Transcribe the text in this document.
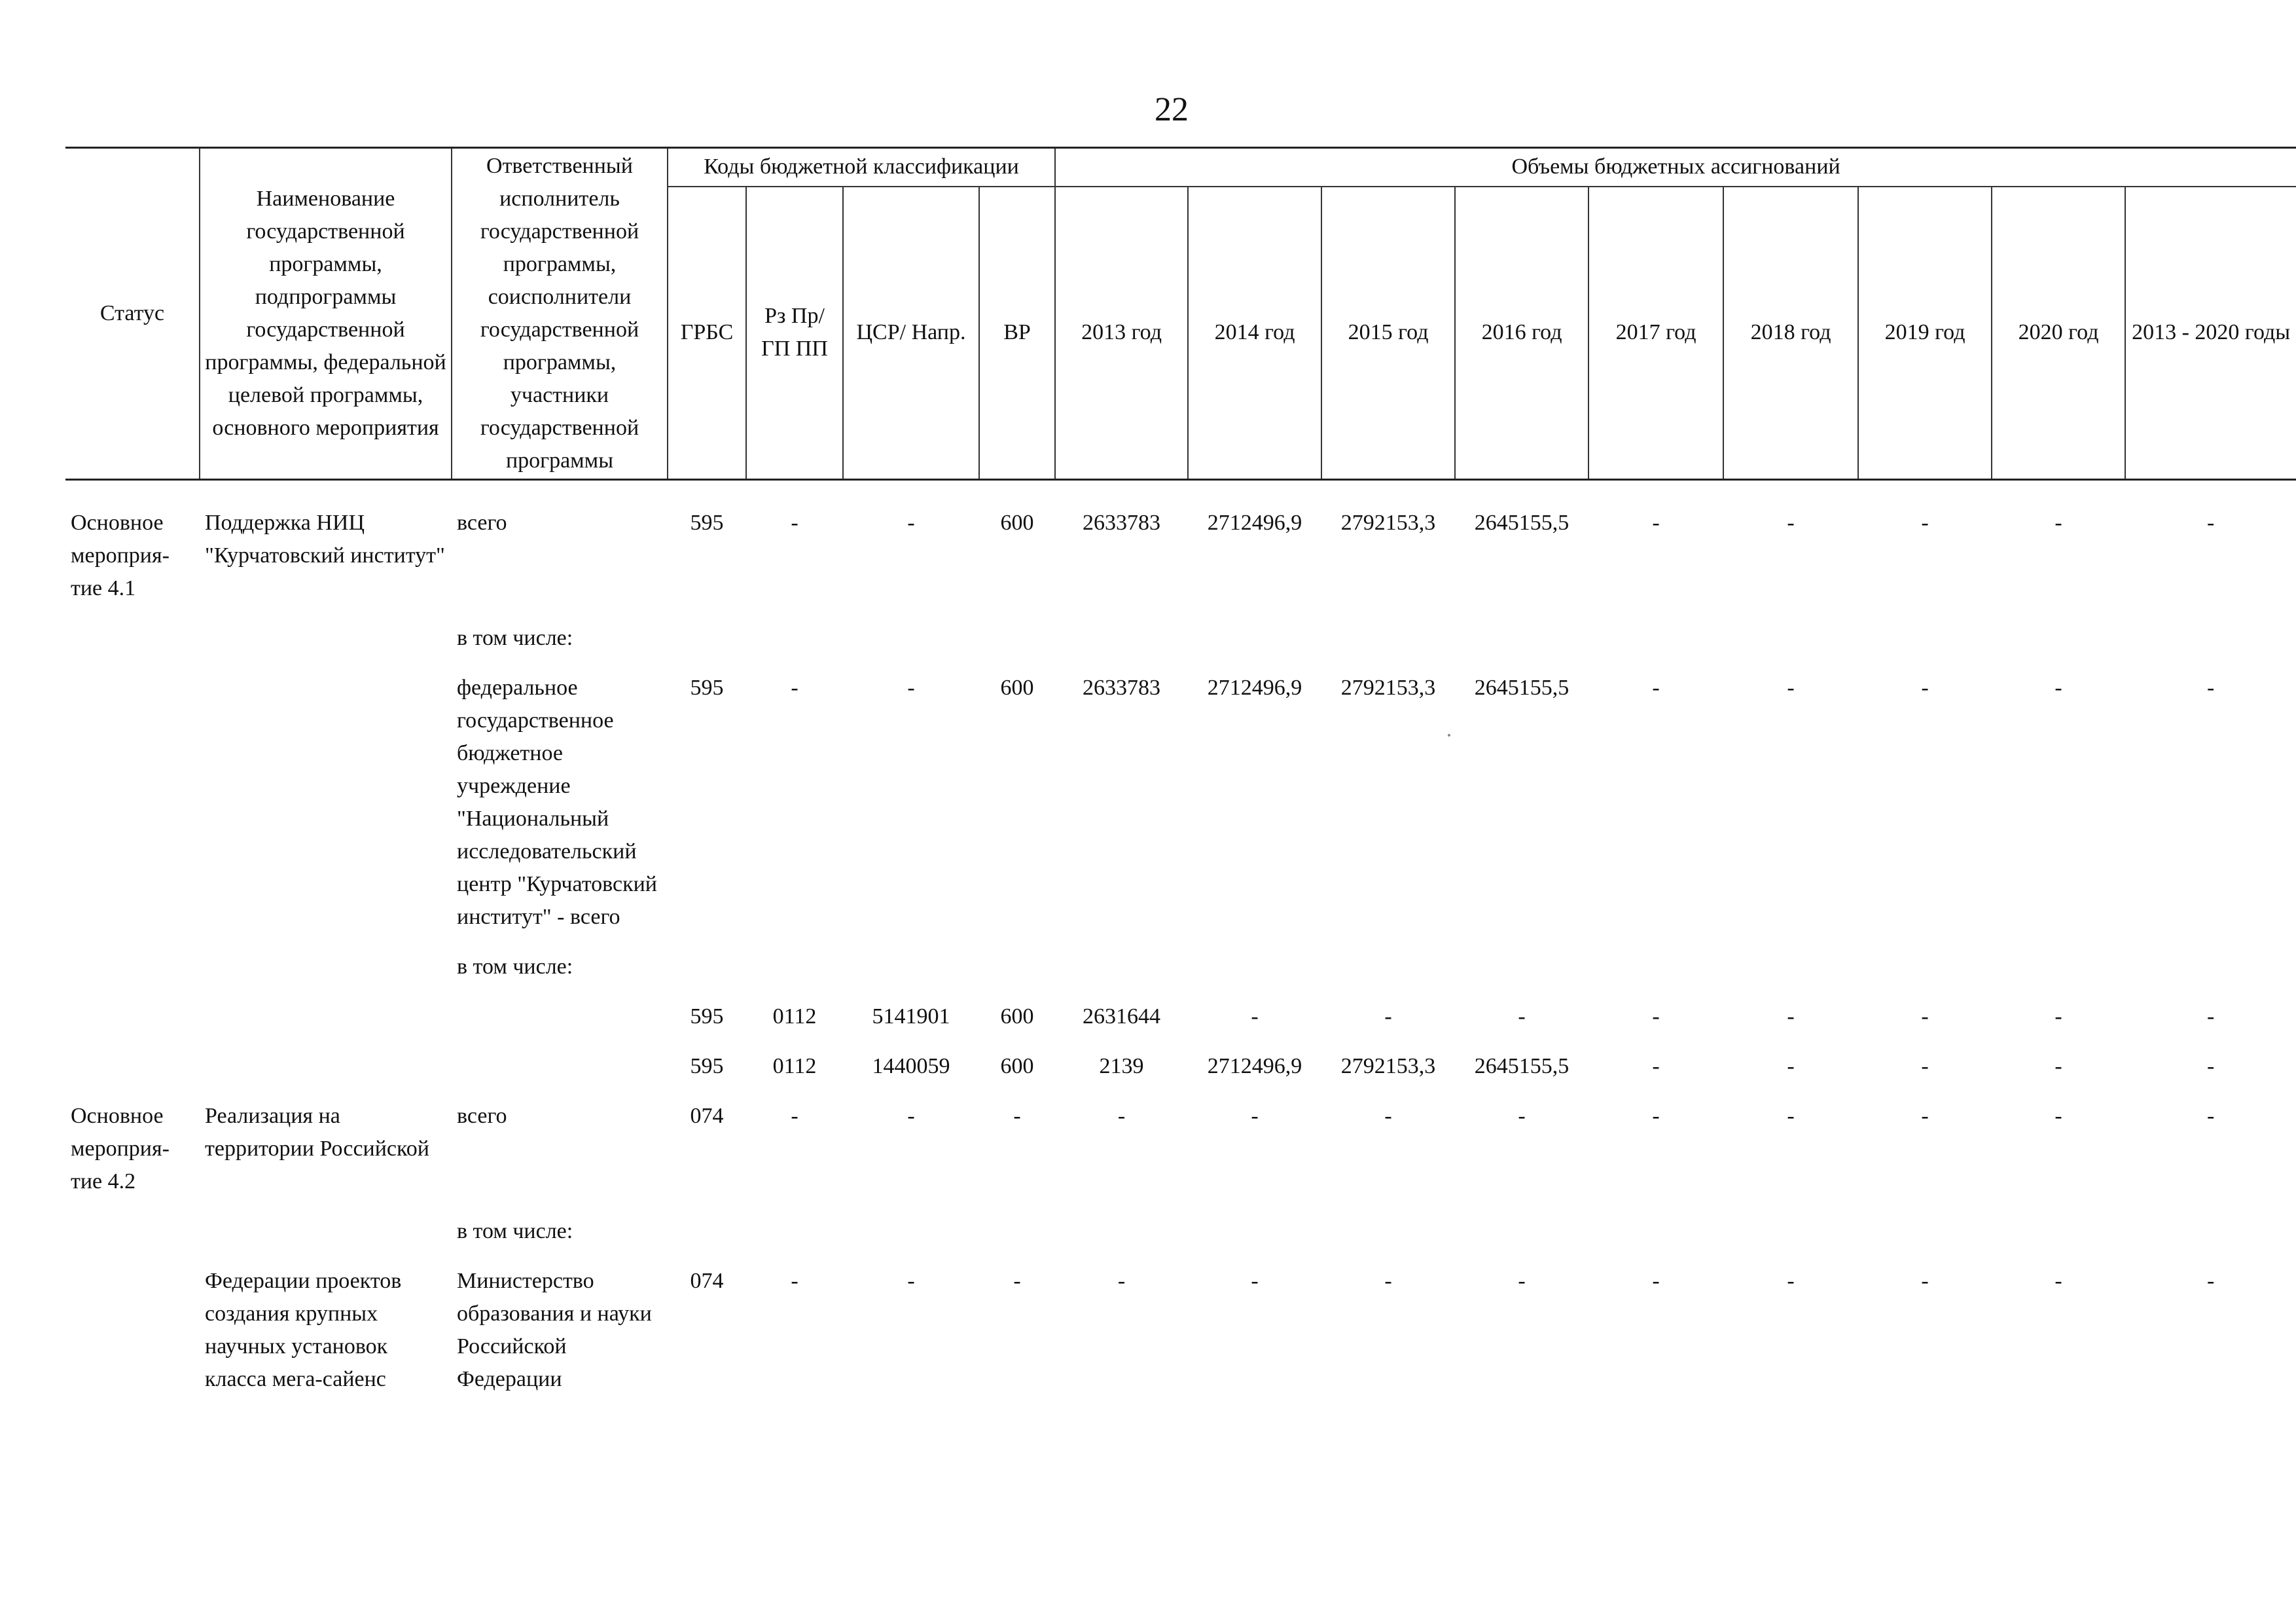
22
Статус	Наименование государственной программы, подпрограммы государственной программы, федеральной целевой программы, основного мероприятия	Ответственный исполнитель государственной программы, соисполнители государственной программы, участники государственной программы	Коды бюджетной классификации				Объемы бюджетных ассигнований								
			ГРБС	Рз Пр/ ГП ПП	ЦСР/ Напр.	ВР	2013 год	2014 год	2015 год	2016 год	2017 год	2018 год	2019 год	2020 год	2013 - 2020 годы

Основное мероприя-тие 4.1	Поддержка НИЦ "Курчатовский институт"	всего	595	-	-	600	2633783	2712496,9	2792153,3	2645155,5	-	-	-	-	-
		в том числе:													
		федеральное государственное бюджетное учреждение "Национальный исследовательский центр "Курчатовский институт" - всего	595	-	-	600	2633783	2712496,9	2792153,3	2645155,5	-	-	-	-	-
		в том числе:													
			595	0112	5141901	600	2631644	-	-	-	-	-	-	-	-
			595	0112	1440059	600	2139	2712496,9	2792153,3	2645155,5	-	-	-	-	-
Основное мероприя-тие 4.2	Реализация на территории Российской	всего	074	-	-	-	-	-	-	-	-	-	-	-	-
		в том числе:													
	Федерации проектов создания крупных научных установок класса мега-сайенс	Министерство образования и науки Российской Федерации	074	-	-	-	-	-	-	-	-	-	-	-	-
